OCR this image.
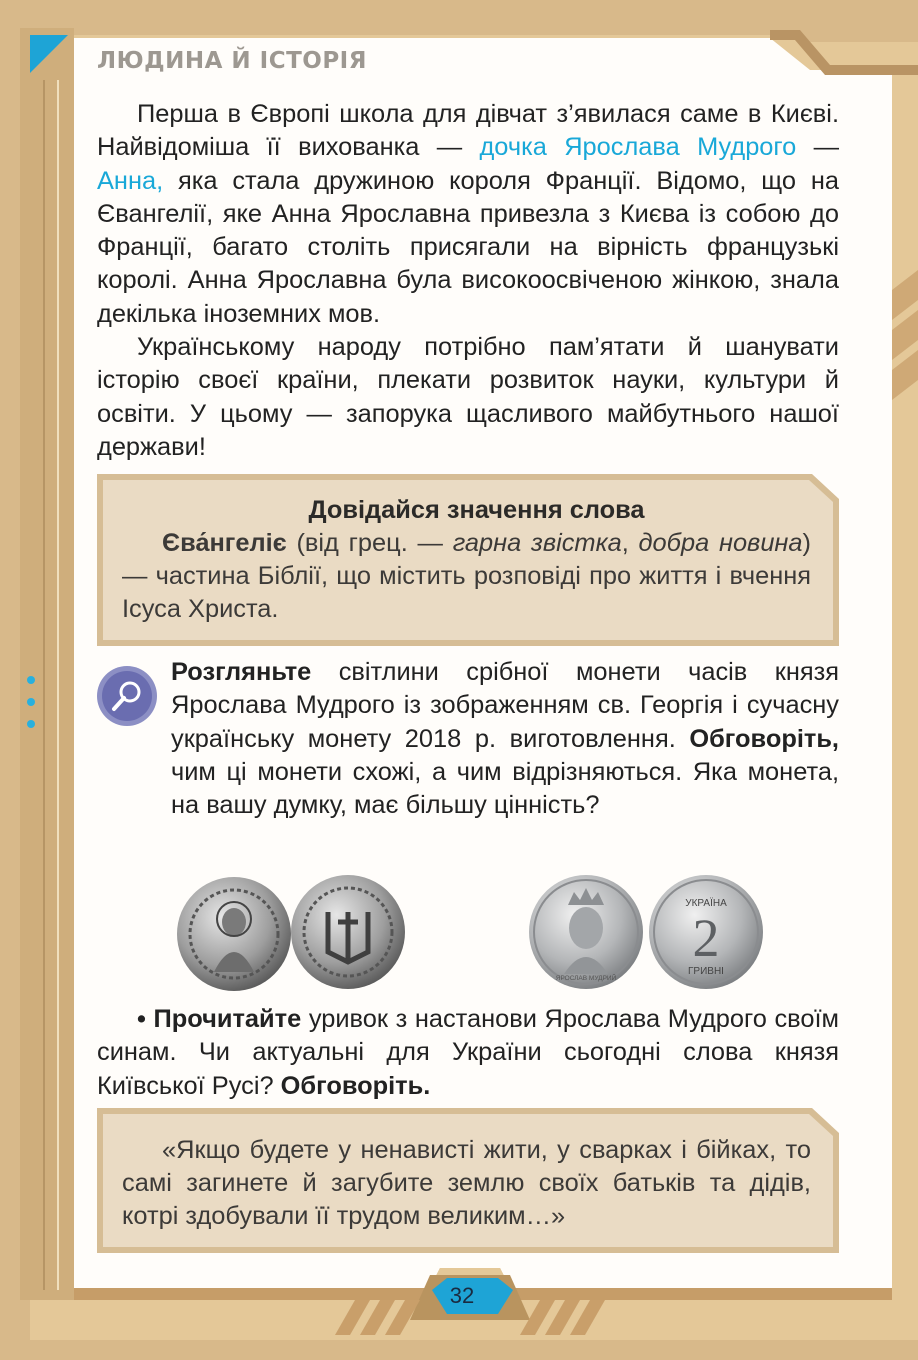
ЛЮДИНА Й ІСТОРІЯ

Перша в Європі школа для дівчат з’явилася саме в Києві. Найвідоміша її вихованка — дочка Ярослава Мудрого — Анна, яка стала дружиною короля Франції. Відомо, що на Євангелії, яке Анна Ярославна привезла з Києва із собою до Франції, багато століть присягали на вірність французькі королі. Анна Ярославна була високоосвіченою жінкою, знала декілька іноземних мов.

Українському народу потрібно пам’ятати й шанувати історію своєї країни, плекати розвиток науки, культури й освіти. У цьому — запорука щасливого майбутнього нашої держави!

Довідайся значення слова
Єва́нгеліє (від грец. — гарна звістка, добра новина) — частина Біблії, що містить розповіді про життя і вчення Ісуса Христа.
Розгляньте світлини срібної монети часів князя Ярослава Мудрого із зображенням св. Георгія і сучасну українську монету 2018 р. виготовлення. Обговоріть, чим ці монети схожі, а чим відрізняються. Яка монета, на вашу думку, має більшу цінність?
ЯРОСЛАВ МУДРИЙ
УКРАЇНА
2
ГРИВНІ
• Прочитайте уривок з настанови Ярослава Мудрого своїм синам. Чи актуальні для України сьогодні слова князя Київської Русі? Обговоріть.
«Якщо будете у ненависті жити, у сварках і бійках, то самі загинете й загубите землю своїх батьків та дідів, котрі здобували її трудом великим…»
32
